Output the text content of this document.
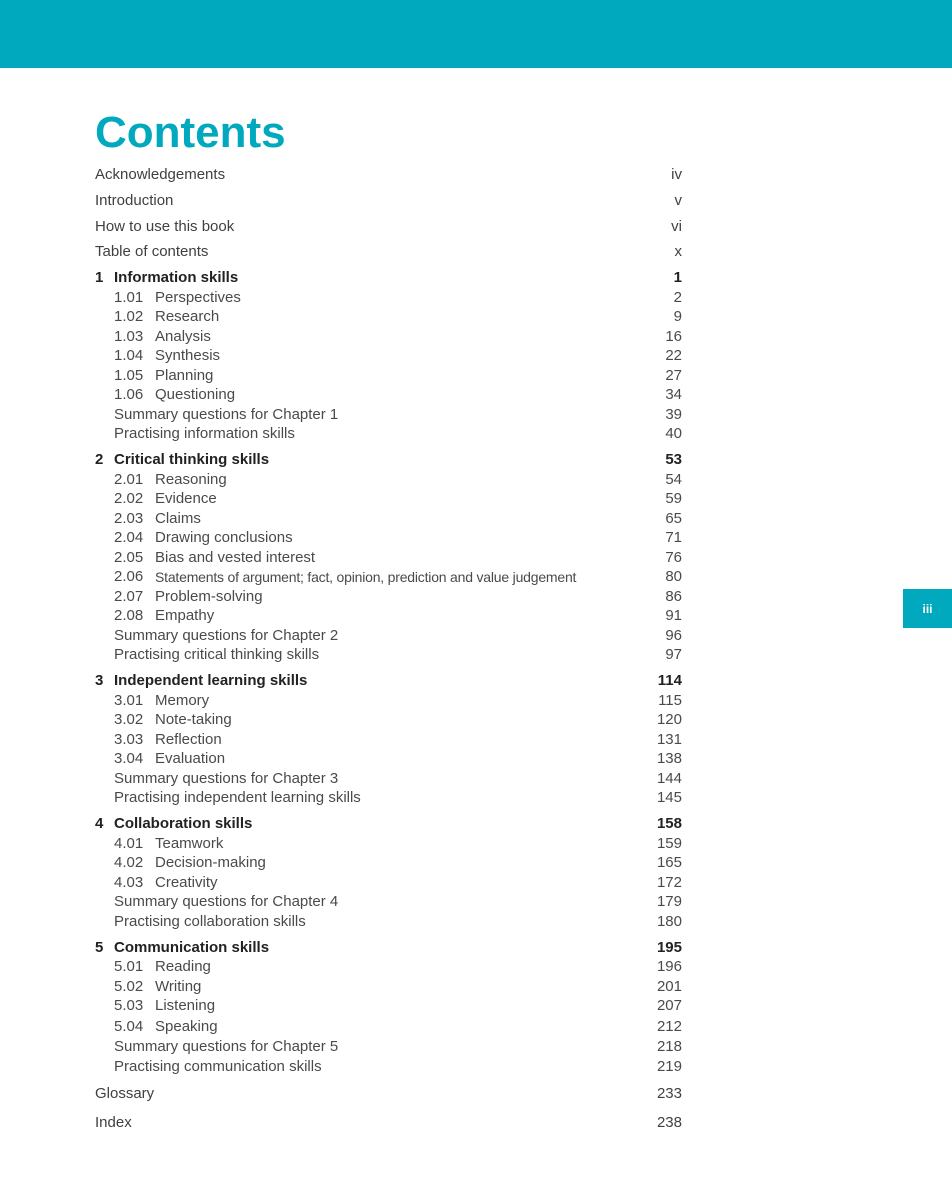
iii
Contents
Acknowledgements	iv
Introduction	v
How to use this book	vi
Table of contents	x
1 Information skills	1
1.01 Perspectives	2
1.02 Research	9
1.03 Analysis	16
1.04 Synthesis	22
1.05 Planning	27
1.06 Questioning	34
Summary questions for Chapter 1	39
Practising information skills	40
2 Critical thinking skills	53
2.01 Reasoning	54
2.02 Evidence	59
2.03 Claims	65
2.04 Drawing conclusions	71
2.05 Bias and vested interest	76
2.06 Statements of argument; fact, opinion, prediction and value judgement	80
2.07 Problem-solving	86
2.08 Empathy	91
Summary questions for Chapter 2	96
Practising critical thinking skills	97
3 Independent learning skills	114
3.01 Memory	115
3.02 Note-taking	120
3.03 Reflection	131
3.04 Evaluation	138
Summary questions for Chapter 3	144
Practising independent learning skills	145
4 Collaboration skills	158
4.01 Teamwork	159
4.02 Decision-making	165
4.03 Creativity	172
Summary questions for Chapter 4	179
Practising collaboration skills	180
5 Communication skills	195
5.01 Reading	196
5.02 Writing	201
5.03 Listening	207
5.04 Speaking	212
Summary questions for Chapter 5	218
Practising communication skills	219
Glossary	233
Index	238
